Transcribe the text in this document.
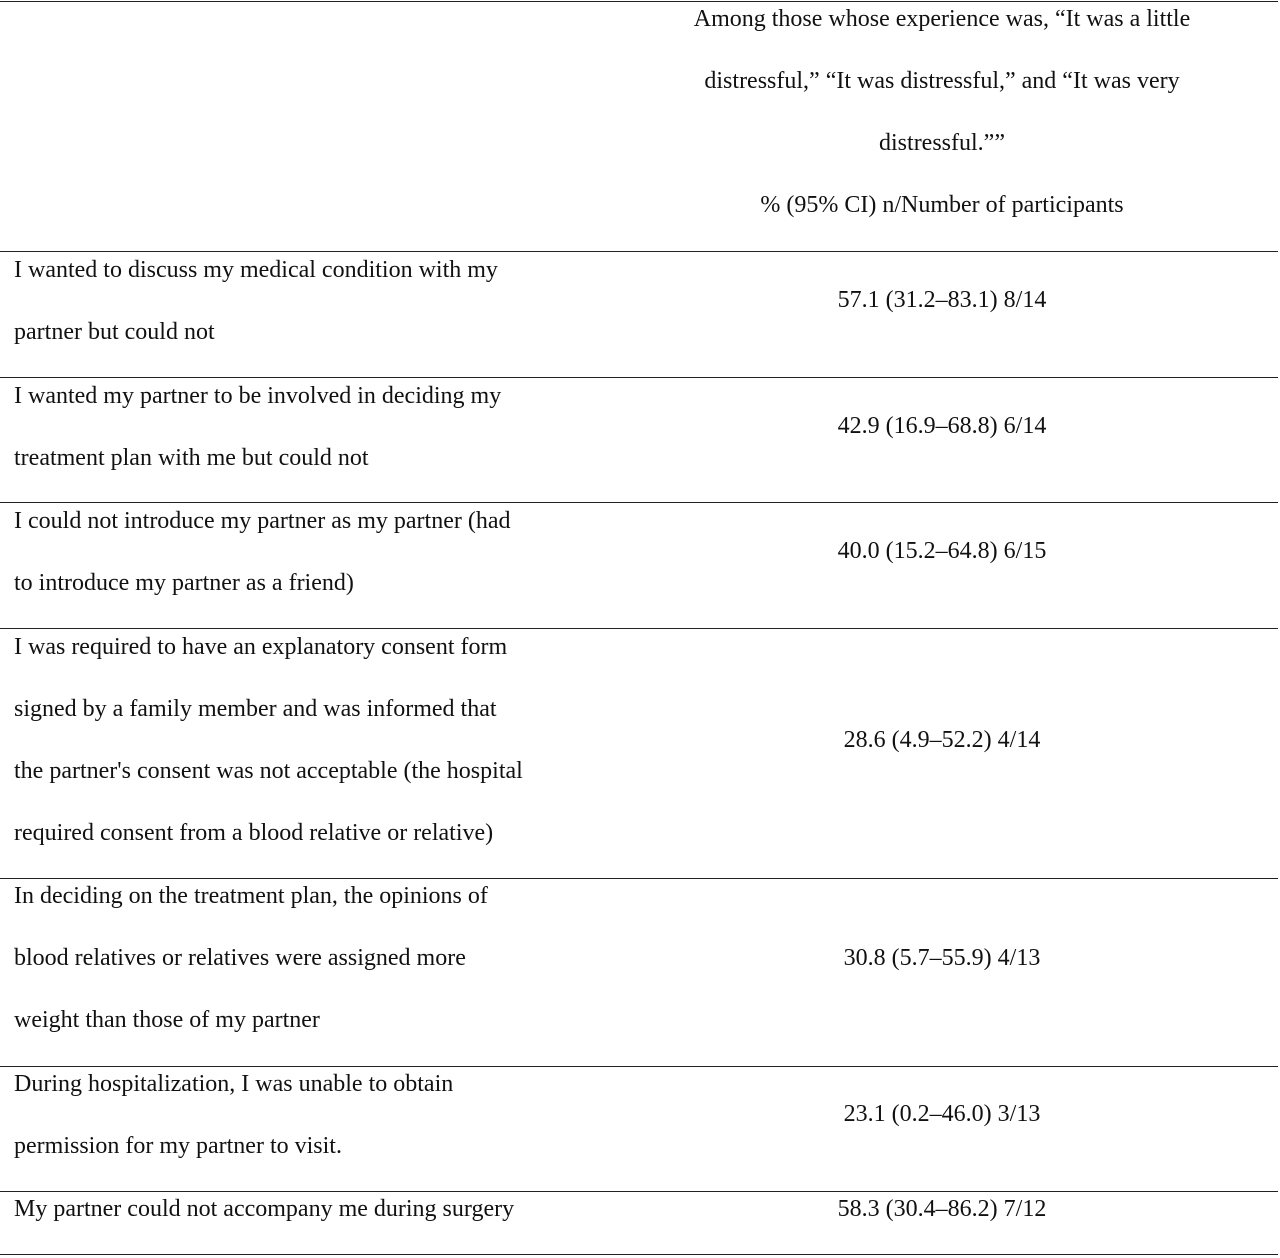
Among those whose experience was, “It was a little
distressful,” “It was distressful,” and “It was very
distressful.”ˮ
% (95% CI) n/Number of participants
I wanted to discuss my medical condition with my
partner but could not
57.1 (31.2–83.1) 8/14
I wanted my partner to be involved in deciding my
treatment plan with me but could not
42.9 (16.9–68.8) 6/14
I could not introduce my partner as my partner (had
to introduce my partner as a friend)
40.0 (15.2–64.8) 6/15
I was required to have an explanatory consent form
signed by a family member and was informed that
the partner's consent was not acceptable (the hospital
required consent from a blood relative or relative)
28.6 (4.9–52.2) 4/14
In deciding on the treatment plan, the opinions of
blood relatives or relatives were assigned more
weight than those of my partner
30.8 (5.7–55.9) 4/13
During hospitalization, I was unable to obtain
permission for my partner to visit.
23.1 (0.2–46.0) 3/13
My partner could not accompany me during surgery	58.3 (30.4–86.2) 7/12
